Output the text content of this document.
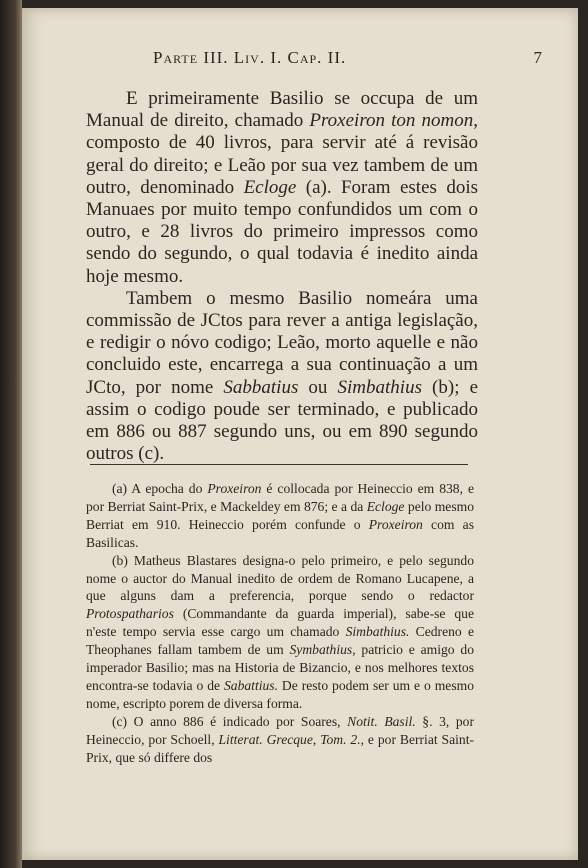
Parte III. Liv. I. Cap. II.	7

E primeiramente Basilio se occupa de um Manual de direito, chamado Proxeiron ton nomon, composto de 40 livros, para servir até á revisão geral do direito; e Leão por sua vez tambem de um outro, denominado Ecloge (a). Foram estes dois Manuaes por muito tempo confundidos um com o outro, e 28 livros do primeiro impressos como sendo do segundo, o qual todavia é inedito ainda hoje mesmo.

Tambem o mesmo Basilio nomeára uma commissão de JCtos para rever a antiga legislação, e redigir o nóvo codigo; Leão, morto aquelle e não concluido este, encarrega a sua continuação a um JCto, por nome Sabbatius ou Simbathius (b); e assim o codigo poude ser terminado, e publicado em 886 ou 887 segundo uns, ou em 890 segundo outros (c).

(a) A epocha do Proxeiron é collocada por Heineccio em 838, e por Berriat Saint-Prix, e Mackeldey em 876; e a da Ecloge pelo mesmo Berriat em 910. Heineccio porém confunde o Proxeiron com as Basilicas.

(b) Matheus Blastares designa-o pelo primeiro, e pelo segundo nome o auctor do Manual inedito de ordem de Romano Lucapene, a que alguns dam a preferencia, porque sendo o redactor Protospatharios (Commandante da guarda imperial), sabe-se que n'este tempo servia esse cargo um chamado Simbathius. Cedreno e Theophanes fallam tambem de um Symbathius, patricio e amigo do imperador Basilio; mas na Historia de Bizancio, e nos melhores textos encontra-se todavia o de Sabattius. De resto podem ser um e o mesmo nome, escripto porem de diversa forma.

(c) O anno 886 é indicado por Soares, Notit. Basil. §. 3, por Heineccio, por Schoell, Litterat. Grecque, Tom. 2., e por Berriat Saint-Prix, que só differe dos
